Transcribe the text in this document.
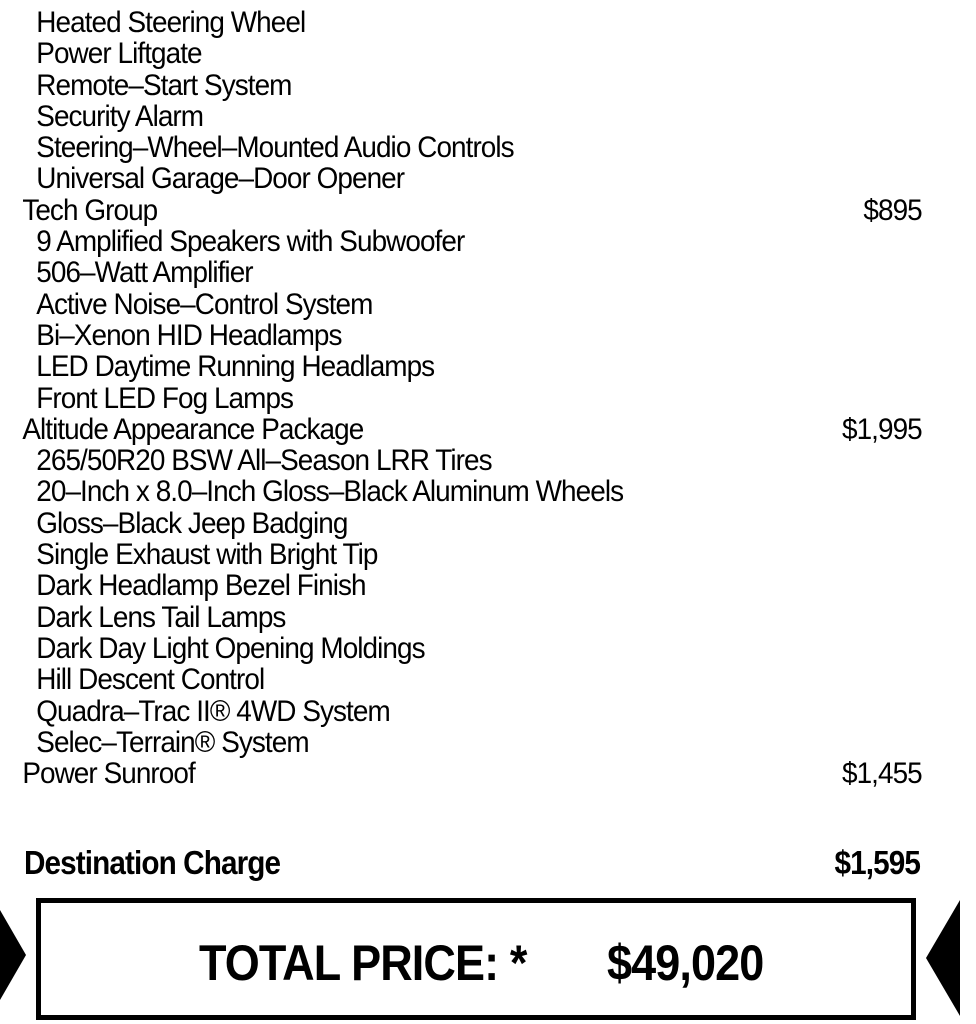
Heated Steering Wheel
Power Liftgate
Remote–Start System
Security Alarm
Steering–Wheel–Mounted Audio Controls
Universal Garage–Door Opener
Tech Group
9 Amplified Speakers with Subwoofer
506–Watt Amplifier
Active Noise–Control System
Bi–Xenon HID Headlamps
LED Daytime Running Headlamps
Front LED Fog Lamps
Altitude Appearance Package
265/50R20 BSW All–Season LRR Tires
20–Inch x 8.0–Inch Gloss–Black Aluminum Wheels
Gloss–Black Jeep Badging
Single Exhaust with Bright Tip
Dark Headlamp Bezel Finish
Dark Lens Tail Lamps
Dark Day Light Opening Moldings
Hill Descent Control
Quadra–Trac II® 4WD System
Selec–Terrain® System
Power Sunroof
$895
$1,995
$1,455
Destination Charge	$1,595
TOTAL PRICE: * $49,020
